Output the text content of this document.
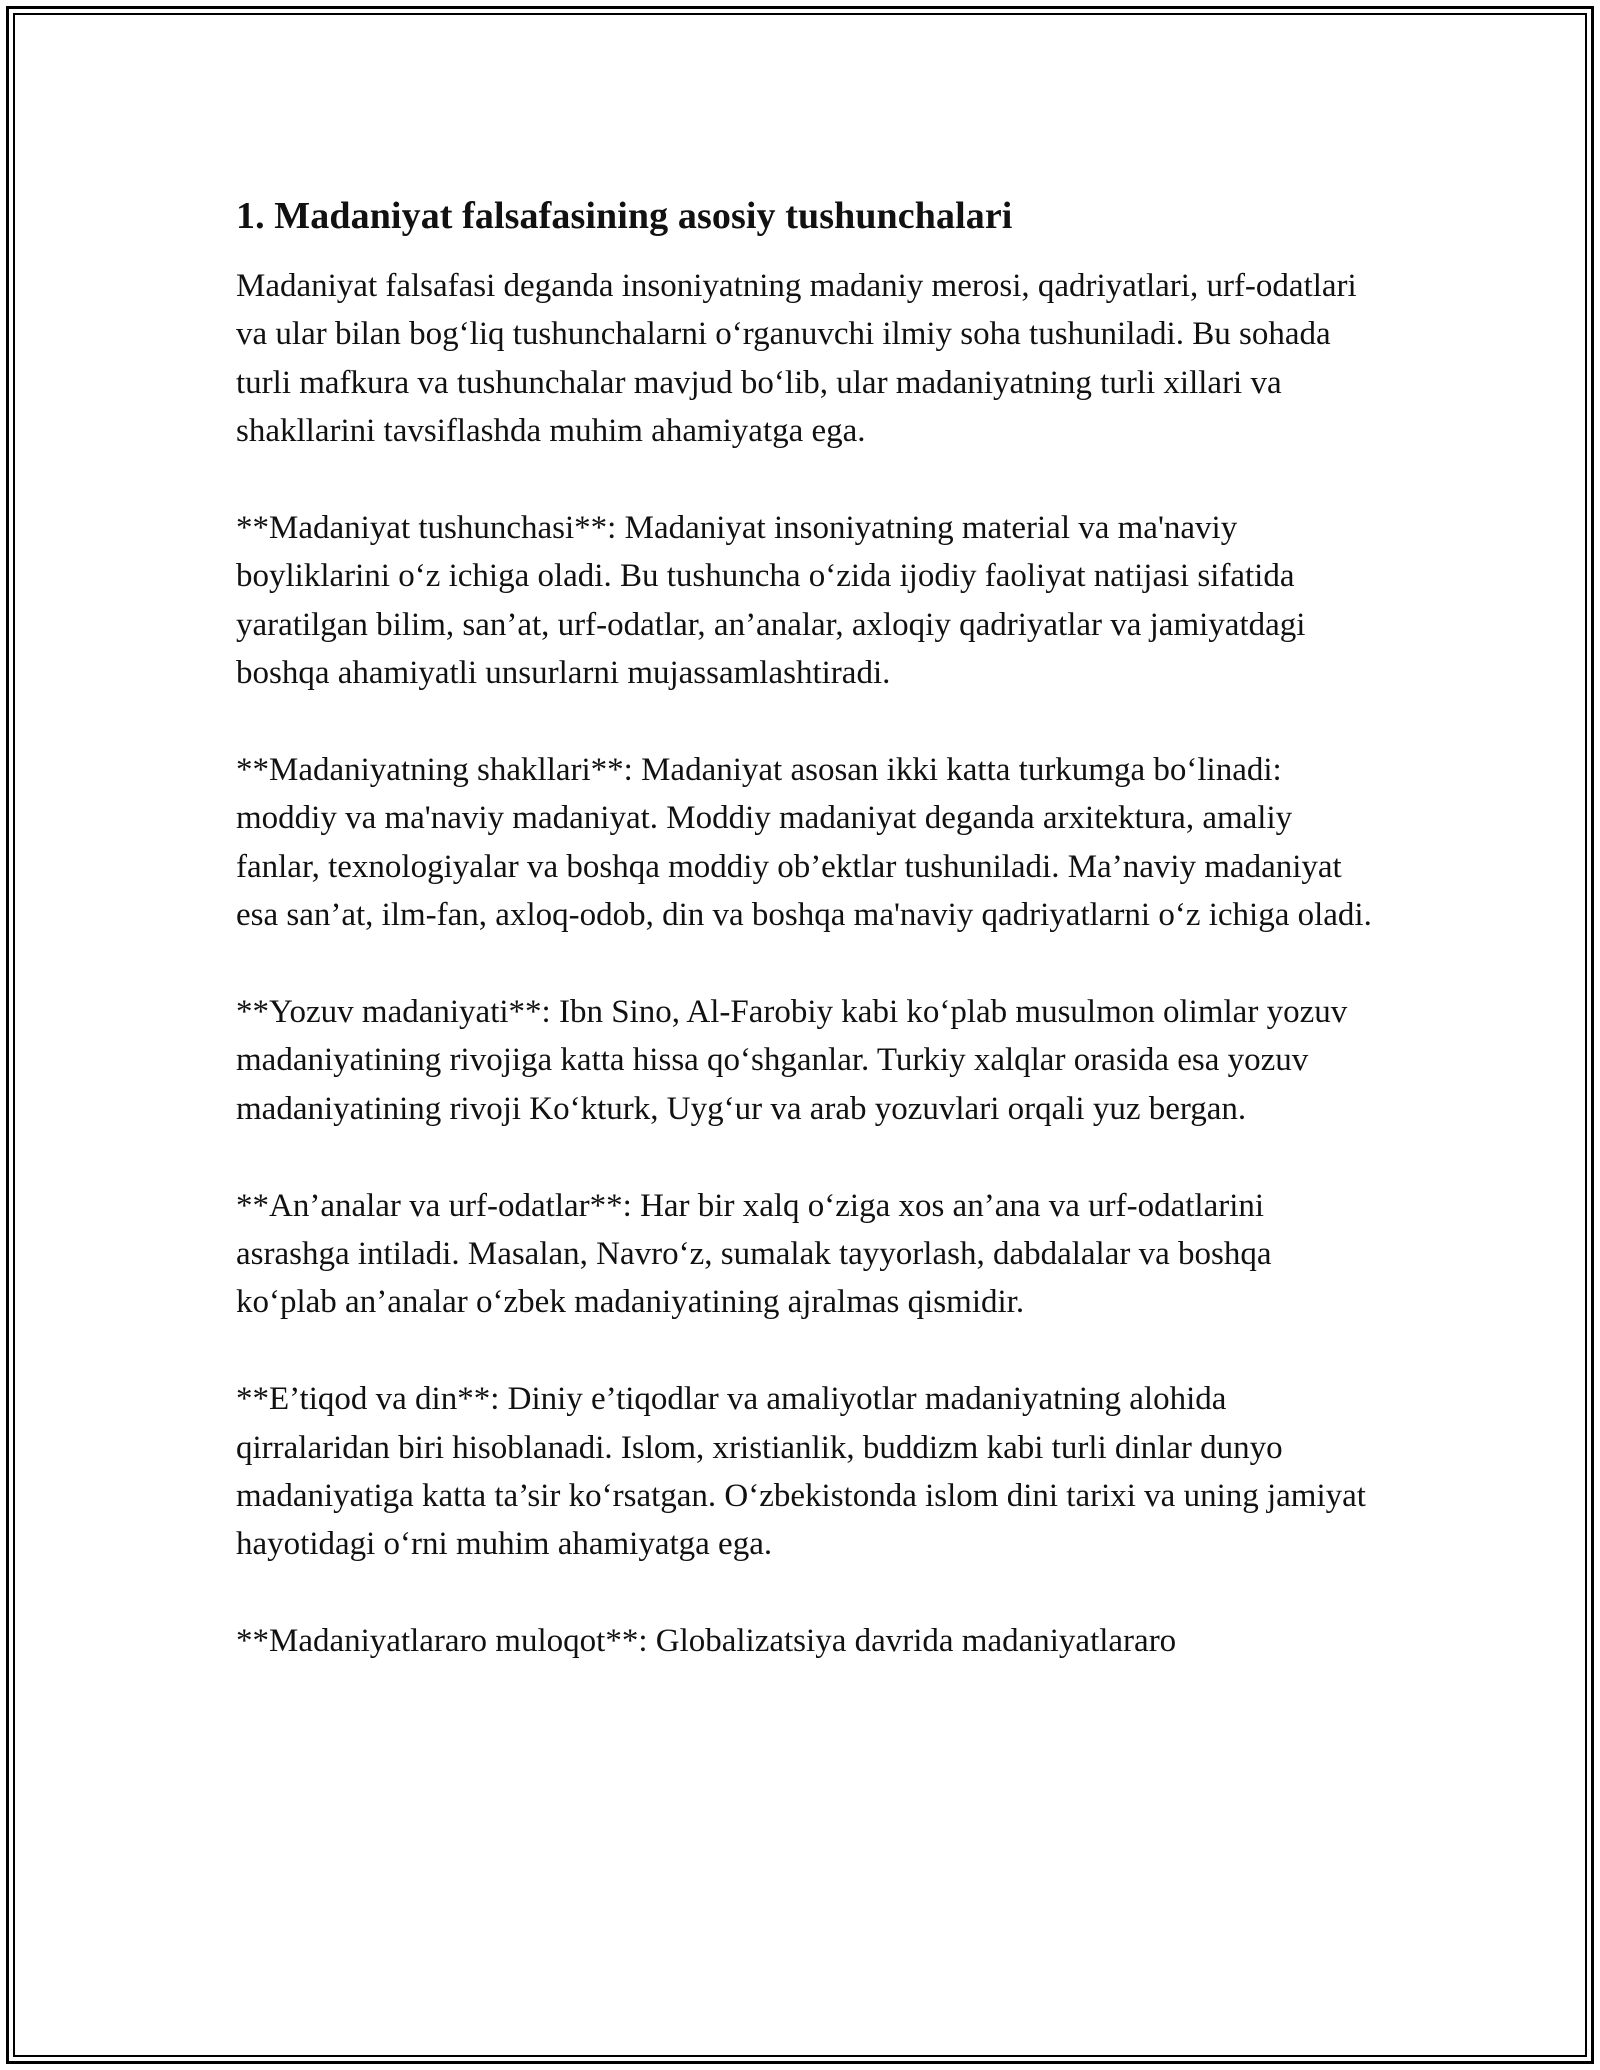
1. Madaniyat falsafasining asosiy tushunchalari

Madaniyat falsafasi deganda insoniyatning madaniy merosi, qadriyatlari, urf-odatlari va ular bilan bog‘liq tushunchalarni o‘rganuvchi ilmiy soha tushuniladi. Bu sohada turli mafkura va tushunchalar mavjud bo‘lib, ular madaniyatning turli xillari va shakllarini tavsiflashda muhim ahamiyatga ega.

**Madaniyat tushunchasi**: Madaniyat insoniyatning material va ma'naviy boyliklarini o‘z ichiga oladi. Bu tushuncha o‘zida ijodiy faoliyat natijasi sifatida yaratilgan bilim, san’at, urf-odatlar, an’analar, axloqiy qadriyatlar va jamiyatdagi boshqa ahamiyatli unsurlarni mujassamlashtiradi.

**Madaniyatning shakllari**: Madaniyat asosan ikki katta turkumga bo‘linadi: moddiy va ma'naviy madaniyat. Moddiy madaniyat deganda arxitektura, amaliy fanlar, texnologiyalar va boshqa moddiy ob’ektlar tushuniladi. Ma’naviy madaniyat esa san’at, ilm-fan, axloq-odob, din va boshqa ma'naviy qadriyatlarni o‘z ichiga oladi.

**Yozuv madaniyati**: Ibn Sino, Al-Farobiy kabi ko‘plab musulmon olimlar yozuv madaniyatining rivojiga katta hissa qo‘shganlar. Turkiy xalqlar orasida esa yozuv madaniyatining rivoji Ko‘kturk, Uyg‘ur va arab yozuvlari orqali yuz bergan.

**An’analar va urf-odatlar**: Har bir xalq o‘ziga xos an’ana va urf-odatlarini asrashga intiladi. Masalan, Navro‘z, sumalak tayyorlash, dabdalalar va boshqa ko‘plab an’analar o‘zbek madaniyatining ajralmas qismidir.

**E’tiqod va din**: Diniy e’tiqodlar va amaliyotlar madaniyatning alohida qirralaridan biri hisoblanadi. Islom, xristianlik, buddizm kabi turli dinlar dunyo madaniyatiga katta ta’sir ko‘rsatgan. O‘zbekistonda islom dini tarixi va uning jamiyat hayotidagi o‘rni muhim ahamiyatga ega.

**Madaniyatlararo muloqot**: Globalizatsiya davrida madaniyatlararo
